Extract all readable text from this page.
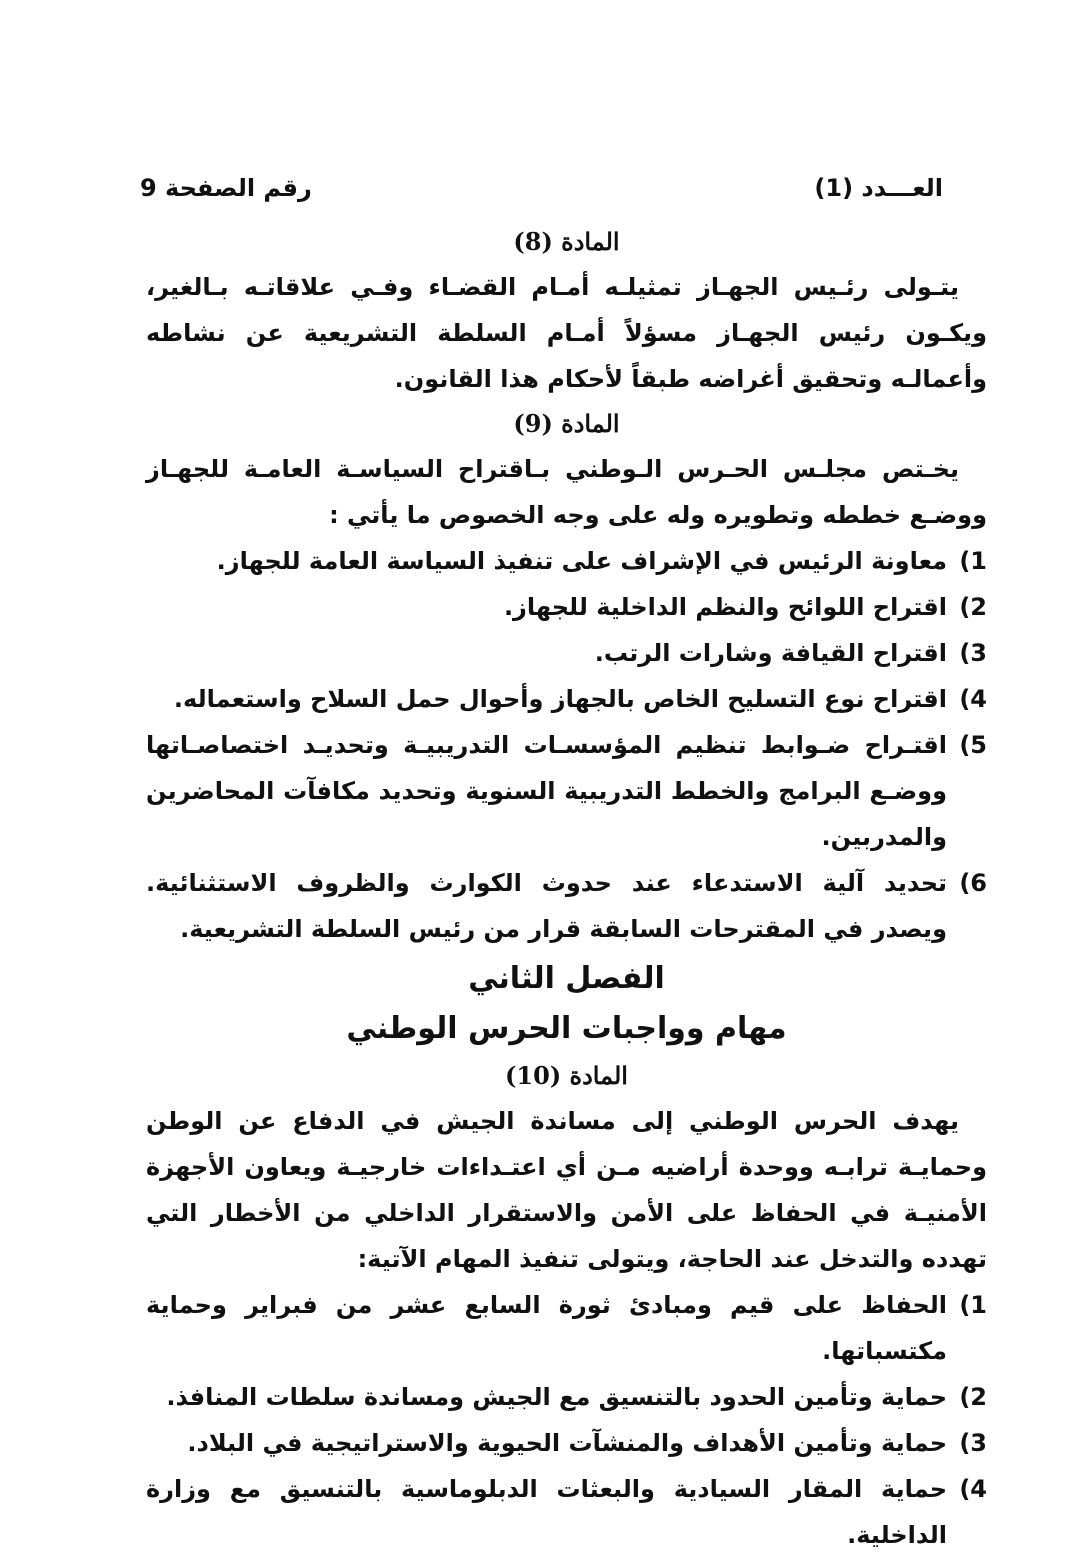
العـــدد (1)
رقم الصفحة 9
المادة (8)

يتـولى رئـيس الجهـاز تمثيلـه أمـام القضـاء وفـي علاقاتـه بـالغير، ويكـون رئيس الجهـاز مسؤلاً أمـام السلطة التشريعية عن نشاطه وأعمالـه وتحقيق أغراضه طبقاً لأحكام هذا القانون.

المادة (9)

يخـتص مجلـس الحـرس الـوطني بـاقتراح السياسـة العامـة للجهـاز ووضـع خططه وتطويره وله على وجه الخصوص ما يأتي :

1)
معاونة الرئيس في الإشراف على تنفيذ السياسة العامة للجهاز.
2)
اقتراح اللوائح والنظم الداخلية للجهاز.
3)
اقتراح القيافة وشارات الرتب.
4)
اقتراح نوع التسليح الخاص بالجهاز وأحوال حمل السلاح واستعماله.
5)
اقتـراح ضـوابط تنظيم المؤسسـات التدريبيـة وتحديـد اختصاصـاتها ووضـع البرامج والخطط التدريبية السنوية وتحديد مكافآت المحاضرين والمدربين.
6)
تحديد آلية الاستدعاء عند حدوث الكوارث والظروف الاستثنائية. ويصدر في المقترحات السابقة قرار من رئيس السلطة التشريعية.
الفصل الثاني
مهام وواجبات الحرس الوطني
المادة (10)

يهدف الحرس الوطني إلى مساندة الجيش في الدفاع عن الوطن وحمايـة ترابـه ووحدة أراضيه مـن أي اعتـداءات خارجيـة ويعاون الأجهزة الأمنيـة في الحفاظ على الأمن والاستقرار الداخلي من الأخطار التي تهدده والتدخل عند الحاجة، ويتولى تنفيذ المهام الآتية:

1)
الحفاظ على قيم ومبادئ ثورة السابع عشر من فبراير وحماية مكتسباتها.
2)
حماية وتأمين الحدود بالتنسيق مع الجيش ومساندة سلطات المنافذ.
3)
حماية وتأمين الأهداف والمنشآت الحيوية والاستراتيجية في البلاد.
4)
حماية المقار السيادية والبعثات الدبلوماسية بالتنسيق مع وزارة الداخلية.
